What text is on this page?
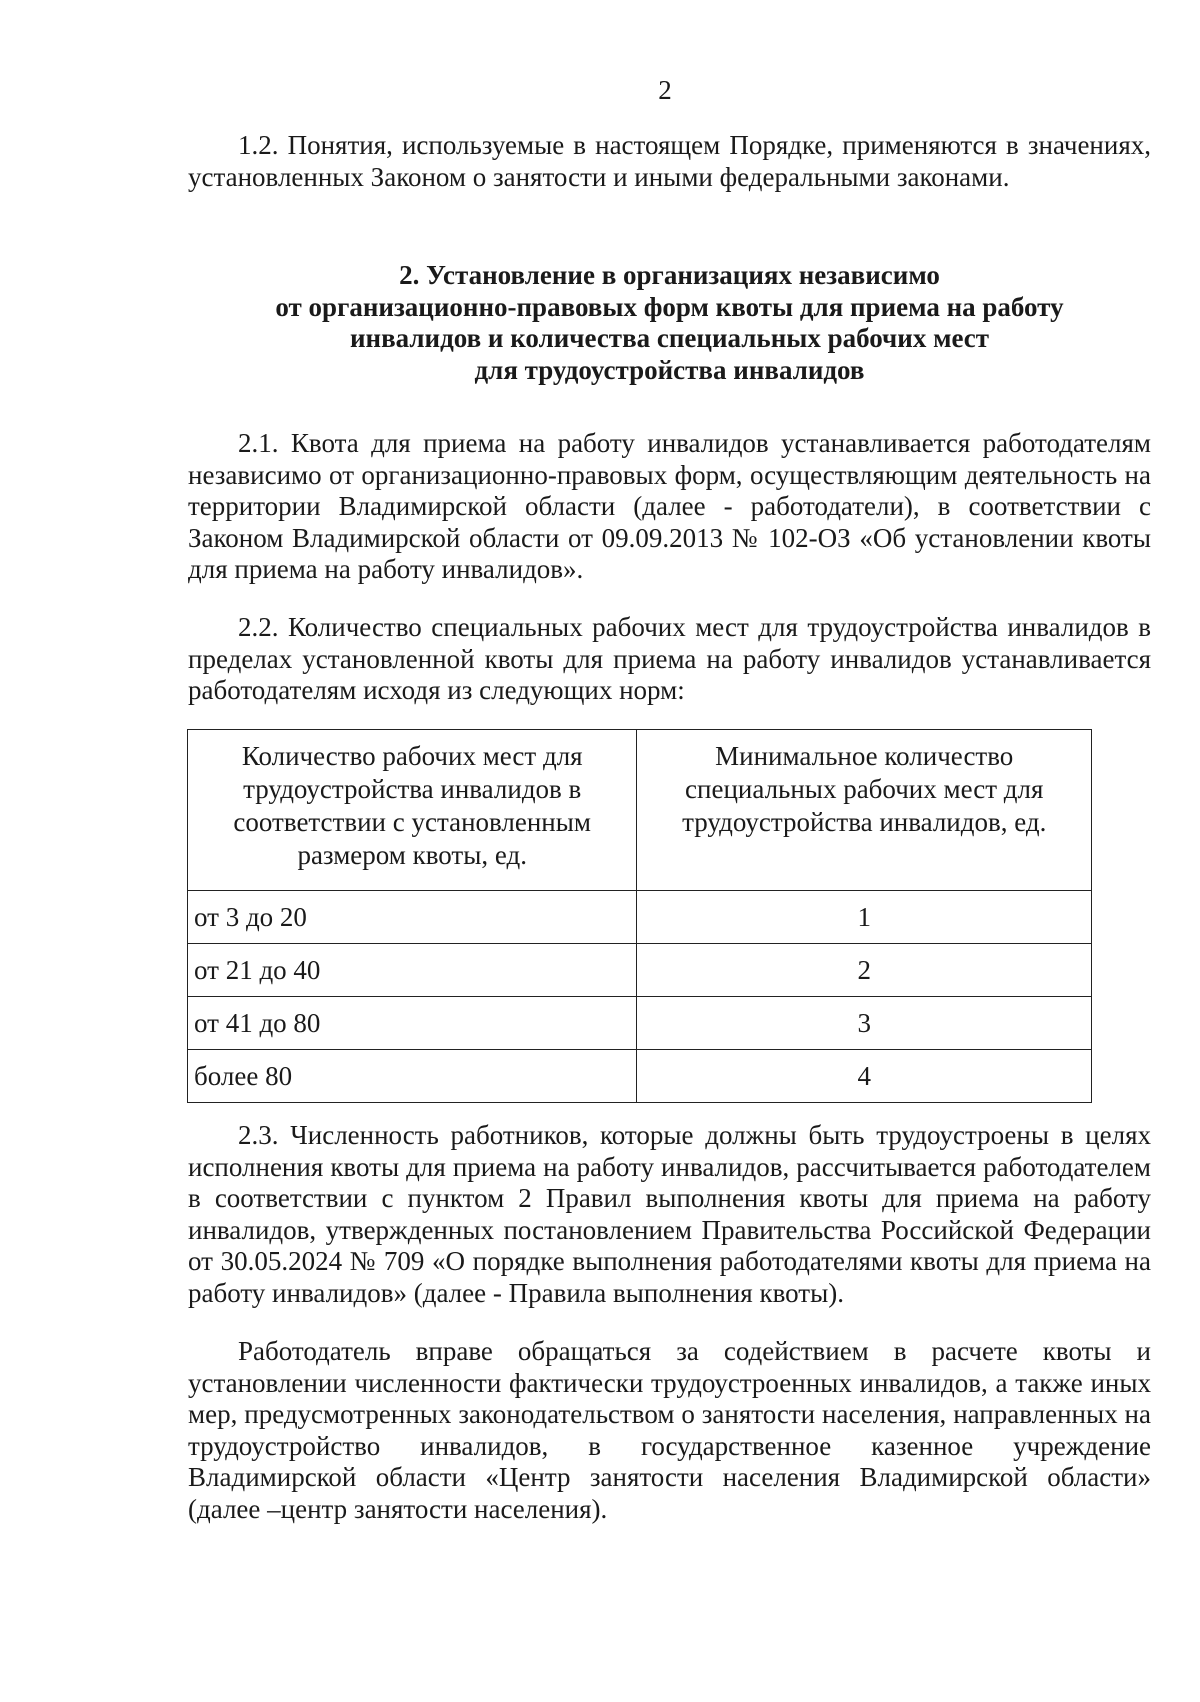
2

1.2. Понятия, используемые в настоящем Порядке, применяются в значениях, установленных Законом о занятости и иными федеральными законами.

2. Установление в организациях независимо
от организационно-правовых форм квоты для приема на работу
инвалидов и количества специальных рабочих мест
для трудоустройства инвалидов

2.1. Квота для приема на работу инвалидов устанавливается работодателям независимо от организационно-правовых форм, осуществляющим деятельность на территории Владимирской области (далее - работодатели), в соответствии с Законом Владимирской области от 09.09.2013 № 102-ОЗ «Об установлении квоты для приема на работу инвалидов».

2.2. Количество специальных рабочих мест для трудоустройства инвалидов в пределах установленной квоты для приема на работу инвалидов устанавливается работодателям исходя из следующих норм:

Количество рабочих мест для трудоустройства инвалидов в соответствии с установленным размером квоты, ед.	Минимальное количество специальных рабочих мест для трудоустройства инвалидов, ед.

от 3 до 20	1
от 21 до 40	2
от 41 до 80	3
более 80	4

2.3. Численность работников, которые должны быть трудоустроены в целях исполнения квоты для приема на работу инвалидов, рассчитывается работодателем в соответствии с пунктом 2 Правил выполнения квоты для приема на работу инвалидов, утвержденных постановлением Правительства Российской Федерации от 30.05.2024 № 709 «О порядке выполнения работодателями квоты для приема на работу инвалидов» (далее - Правила выполнения квоты).

Работодатель вправе обращаться за содействием в расчете квоты и установлении численности фактически трудоустроенных инвалидов, а также иных мер, предусмотренных законодательством о занятости населения, направленных на трудоустройство инвалидов, в государственное казенное учреждение Владимирской области «Центр занятости населения Владимирской области» (далее –центр занятости населения).
